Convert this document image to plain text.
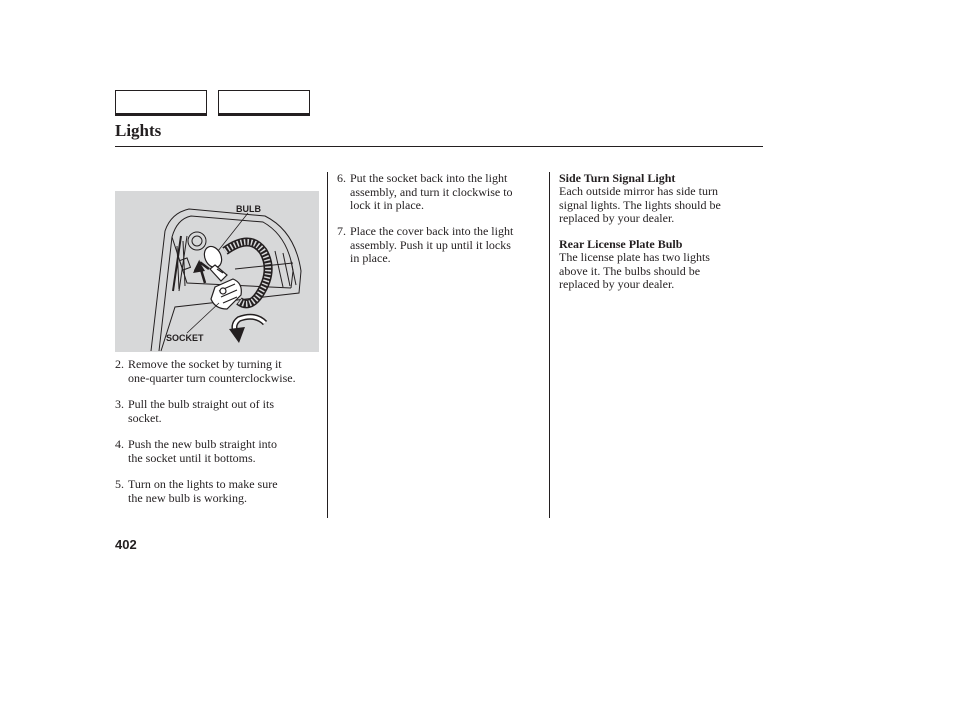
Lights
BULB
SOCKET
2. Remove the socket by turning it
one-quarter turn counterclockwise.
3. Pull the bulb straight out of its
socket.
4. Push the new bulb straight into
the socket until it bottoms.
5. Turn on the lights to make sure
the new bulb is working.
6. Put the socket back into the light
assembly, and turn it clockwise to
lock it in place.
7. Place the cover back into the light
assembly. Push it up until it locks
in place.
Side Turn Signal Light
Each outside mirror has side turn
signal lights. The lights should be
replaced by your dealer.
Rear License Plate Bulb
The license plate has two lights
above it. The bulbs should be
replaced by your dealer.
402
